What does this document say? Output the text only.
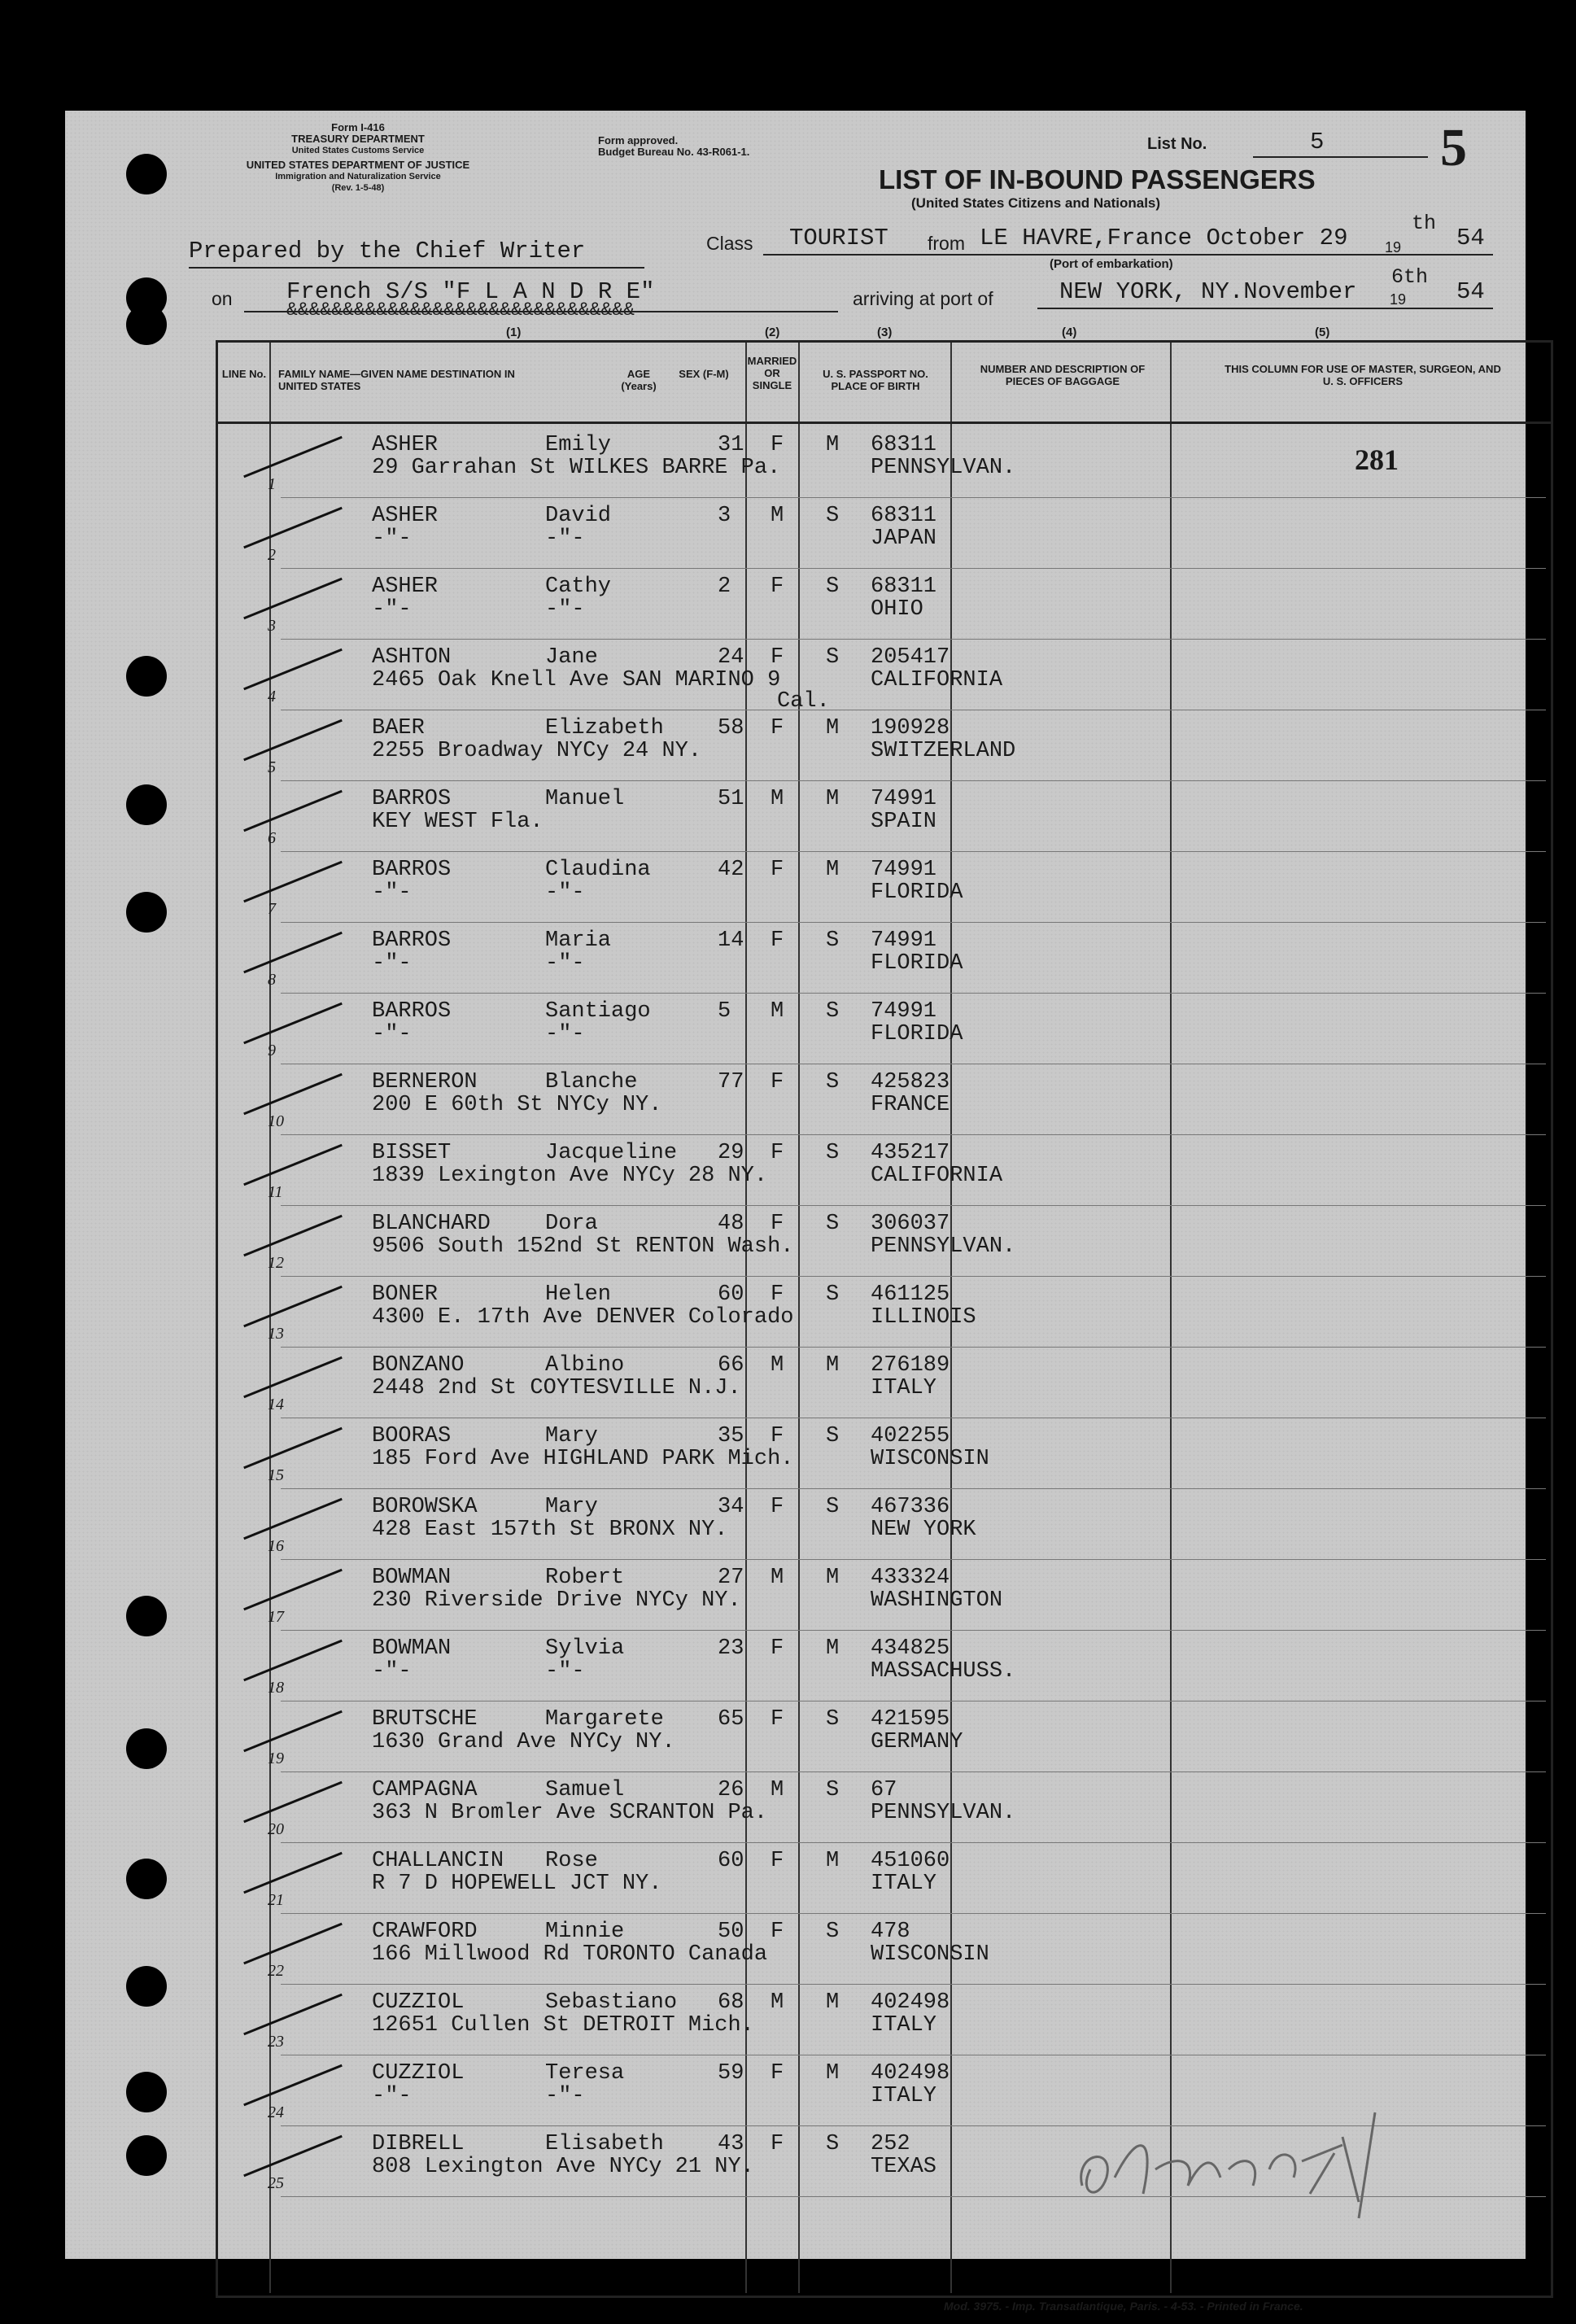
Form I-416
TREASURY DEPARTMENT
United States Customs Service
UNITED STATES DEPARTMENT OF JUSTICE
Immigration and Naturalization Service
(Rev. 1-5-48)
Form approved.
Budget Bureau No. 43-R061-1.
LIST OF IN-BOUND PASSENGERS
(United States Citizens and Nationals)
List No.	5 5
Prepared by the Chief Writer	Class TOURIST from LE HAVRE,France October 29
th
19 54
(Port of embarkation)
on French S/S "F L A N D R E"
&&&&&&&&&&&&&&&&&&&&&&&&&&&&&&&
arriving at port of	NEW YORK, NY.November
6th
19 54
(1)	(2)	(3)	(4)	(5)
LINE No. FAMILY NAME—GIVEN NAME DESTINATION IN UNITED STATES
AGE (Years)
SEX (F-M)
MARRIED OR SINGLE
U. S. PASSPORT NO. PLACE OF BIRTH
NUMBER AND DESCRIPTION OF PIECES OF BAGGAGE
THIS COLUMN FOR USE OF MASTER, SURGEON, AND U. S. OFFICERS
1
ASHER	Emily	31 F M 68311
29 Garrahan St WILKES BARRE Pa.	PENNSYLVAN.
2
ASHER	David	3 M S 68311
-"-	-"-	JAPAN
3
ASHER	Cathy	2 F S 68311
-"-	-"-	OHIO
4
ASHTON	Jane	24 F S 205417
2465 Oak Knell Ave SAN MARINO 9	CALIFORNIA
Cal.
5
BAER	Elizabeth 58 F M 190928
2255 Broadway NYCy 24 NY.	SWITZERLAND
6
BARROS	Manuel	51 M M 74991
KEY WEST Fla.	SPAIN
7
BARROS	Claudina	42 F M 74991
-"-	-"-	FLORIDA
8
BARROS	Maria	14 F S 74991
-"-	-"-	FLORIDA
9
BARROS	Santiago	5 M S 74991
-"-	-"-	FLORIDA
10
BERNERON	Blanche	77 F S 425823
200 E 60th St NYCy NY.	FRANCE
11
BISSET	Jacqueline 29 F S 435217
1839 Lexington Ave NYCy 28 NY.	CALIFORNIA
12
BLANCHARD Dora	48 F S 306037
9506 South 152nd St RENTON Wash.	PENNSYLVAN.
13
BONER	Helen	60 F S 461125
4300 E. 17th Ave DENVER Colorado	ILLINOIS
14
BONZANO	Albino	66 M M 276189
2448 2nd St COYTESVILLE N.J.	ITALY
15
BOORAS	Mary	35 F S 402255
185 Ford Ave HIGHLAND PARK Mich.	WISCONSIN
16
BOROWSKA	Mary	34 F S 467336
428 East 157th St BRONX NY.	NEW YORK
17
BOWMAN	Robert	27 M M 433324
230 Riverside Drive NYCy NY.	WASHINGTON
18
BOWMAN	Sylvia	23 F M 434825
-"-	-"-	MASSACHUSS.
19
BRUTSCHE	Margarete 65 F S 421595
1630 Grand Ave NYCy NY.	GERMANY
20
CAMPAGNA	Samuel	26 M S 67
363 N Bromler Ave SCRANTON Pa.	PENNSYLVAN.
21
CHALLANCIN Rose	60 F M 451060
R 7 D HOPEWELL JCT NY.	ITALY
22
CRAWFORD	Minnie	50 F S 478
166 Millwood Rd TORONTO Canada	WISCONSIN
23
CUZZIOL	Sebastiano 68 M M 402498
12651 Cullen St DETROIT Mich.	ITALY
24
CUZZIOL	Teresa	59 F M 402498
-"-	-"-	ITALY
25
DIBRELL	Elisabeth 43 F S 252
808 Lexington Ave NYCy 21 NY.	TEXAS
281
Mod. 3975. - Imp. Transatlantique, Paris. - 4-53. - Printed in France.
